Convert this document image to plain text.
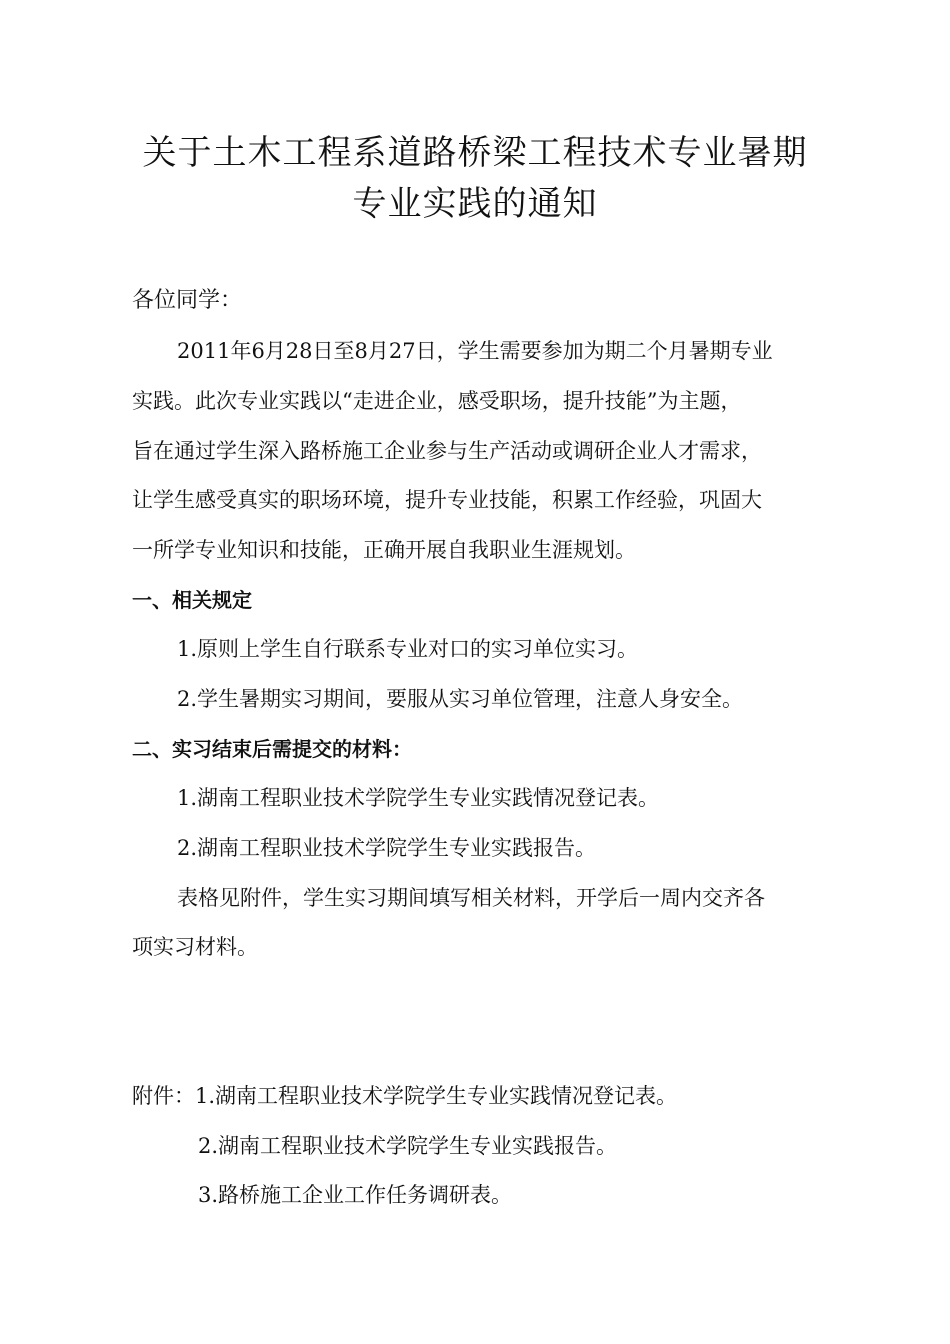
关于土木工程系道路桥梁工程技术专业暑期
专业实践的通知
各位同学：
2011年6月28日至8月27日，学生需要参加为期二个月暑期专业
实践。此次专业实践以“走进企业，感受职场，提升技能”为主题，
旨在通过学生深入路桥施工企业参与生产活动或调研企业人才需求，
让学生感受真实的职场环境，提升专业技能，积累工作经验，巩固大
一所学专业知识和技能，正确开展自我职业生涯规划。
一、相关规定
1.原则上学生自行联系专业对口的实习单位实习。
2.学生暑期实习期间，要服从实习单位管理，注意人身安全。
二、实习结束后需提交的材料：
1.湖南工程职业技术学院学生专业实践情况登记表。
2.湖南工程职业技术学院学生专业实践报告。
表格见附件，学生实习期间填写相关材料，开学后一周内交齐各
项实习材料。
附件：1.湖南工程职业技术学院学生专业实践情况登记表。
2.湖南工程职业技术学院学生专业实践报告。
3.路桥施工企业工作任务调研表。
